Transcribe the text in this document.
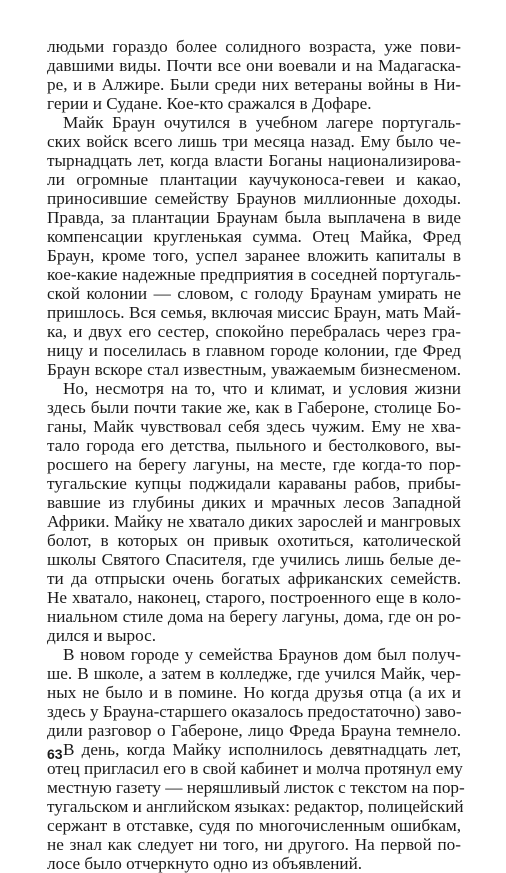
людьми гораздо более солидного возраста, уже пови-
давшими виды. Почти все они воевали и на Мадагаска-
ре, и в Алжире. Были среди них ветераны войны в Ни-
герии и Судане. Кое-кто сражался в Дофаре.
Майк Браун очутился в учебном лагере португаль-
ских войск всего лишь три месяца назад. Ему было че-
тырнадцать лет, когда власти Боганы национализирова-
ли огромные плантации каучуконоса-гевеи и какао,
приносившие семейству Браунов миллионные доходы.
Правда, за плантации Браунам была выплачена в виде
компенсации кругленькая сумма. Отец Майка, Фред
Браун, кроме того, успел заранее вложить капиталы в
кое-какие надежные предприятия в соседней португаль-
ской колонии — словом, с голоду Браунам умирать не
пришлось. Вся семья, включая миссис Браун, мать Май-
ка, и двух его сестер, спокойно перебралась через гра-
ницу и поселилась в главном городе колонии, где Фред
Браун вскоре стал известным, уважаемым бизнесменом.
Но, несмотря на то, что и климат, и условия жизни
здесь были почти такие же, как в Габероне, столице Бо-
ганы, Майк чувствовал себя здесь чужим. Ему не хва-
тало города его детства, пыльного и бестолкового, вы-
росшего на берегу лагуны, на месте, где когда-то пор-
тугальские купцы поджидали караваны рабов, прибы-
вавшие из глубины диких и мрачных лесов Западной
Африки. Майку не хватало диких зарослей и мангровых
болот, в которых он привык охотиться, католической
школы Святого Спасителя, где учились лишь белые де-
ти да отпрыски очень богатых африканских семейств.
Не хватало, наконец, старого, построенного еще в коло-
ниальном стиле дома на берегу лагуны, дома, где он ро-
дился и вырос.
В новом городе у семейства Браунов дом был получ-
ше. В школе, а затем в колледже, где учился Майк, чер-
ных не было и в помине. Но когда друзья отца (а их и
здесь у Брауна-старшего оказалось предостаточно) заво-
дили разговор о Габероне, лицо Фреда Брауна темнело.
В день, когда Майку исполнилось девятнадцать лет,
отец пригласил его в свой кабинет и молча протянул ему
местную газету — неряшливый листок с текстом на пор-
тугальском и английском языках: редактор, полицейский
сержант в отставке, судя по многочисленным ошибкам,
не знал как следует ни того, ни другого. На первой по-
лосе было отчеркнуто одно из объявлений.
63
